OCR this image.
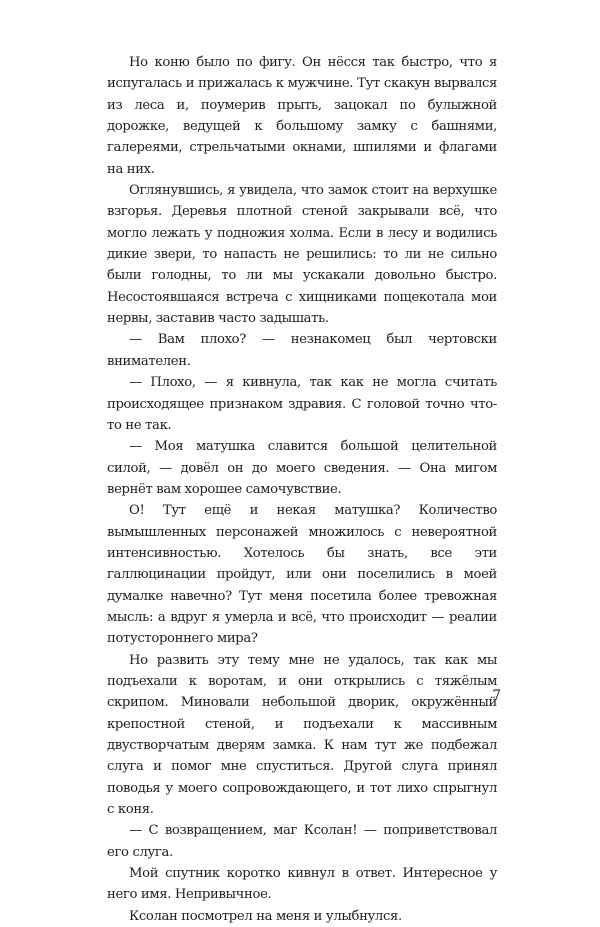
Но коню было по фигу. Он нёсся так быстро, что я испугалась и прижалась к мужчине. Тут скакун вырвался из леса и, поумерив прыть, зацокал по булыжной дорожке, ведущей к большому замку с башнями, галереями, стрельчатыми окнами, шпилями и флагами на них.

Оглянувшись, я увидела, что замок стоит на верхушке взгорья. Деревья плотной стеной закрывали всё, что могло лежать у подножия холма. Если в лесу и водились дикие звери, то напасть не решились: то ли не сильно были голодны, то ли мы ускакали довольно быстро. Несостоявшаяся встреча с хищниками пощекотала мои нервы, заставив часто задышать.

— Вам плохо? — незнакомец был чертовски внимателен.

— Плохо, — я кивнула, так как не могла считать происходящее признаком здравия. С головой точно что-то не так.

— Моя матушка славится большой целительной силой, — довёл он до моего сведения. — Она мигом вернёт вам хорошее самочувствие.

О! Тут ещё и некая матушка? Количество вымышленных персонажей множилось с невероятной интенсивностью. Хотелось бы знать, все эти галлюцинации пройдут, или они поселились в моей думалке навечно? Тут меня посетила более тревожная мысль: а вдруг я умерла и всё, что происходит — реалии потустороннего мира?

Но развить эту тему мне не удалось, так как мы подъехали к воротам, и они открылись с тяжёлым скрипом. Миновали небольшой дворик, окружённый крепостной стеной, и подъехали к массивным двустворчатым дверям замка. К нам тут же подбежал слуга и помог мне спуститься. Другой слуга принял поводья у моего сопровождающего, и тот лихо спрыгнул с коня.

— С возвращением, маг Ксолан! — поприветствовал его слуга.

Мой спутник коротко кивнул в ответ. Интересное у него имя. Непривычное.

Ксолан посмотрел на меня и улыбнулся.

7
